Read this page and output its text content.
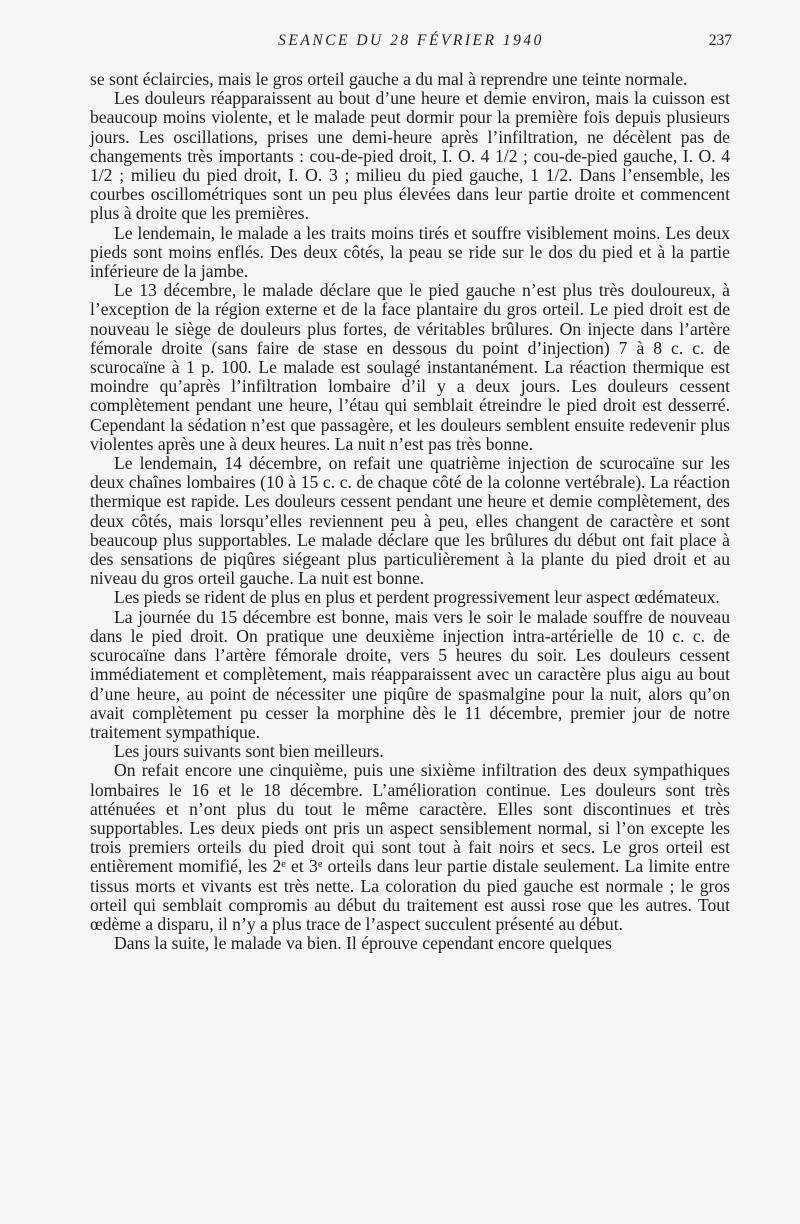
SEANCE DU 28 FÉVRIER 1940	237

se sont éclaircies, mais le gros orteil gauche a du mal à reprendre une teinte normale.

Les douleurs réapparaissent au bout d’une heure et demie environ, mais la cuisson est beaucoup moins violente, et le malade peut dormir pour la première fois depuis plusieurs jours. Les oscillations, prises une demi-heure après l’infiltration, ne décèlent pas de changements très importants : cou-de-pied droit, I. O. 4 1/2 ; cou-de-pied gauche, I. O. 4 1/2 ; milieu du pied droit, I. O. 3 ; milieu du pied gauche, 1 1/2. Dans l’ensemble, les courbes oscillométriques sont un peu plus élevées dans leur partie droite et commencent plus à droite que les premières.

Le lendemain, le malade a les traits moins tirés et souffre visiblement moins. Les deux pieds sont moins enflés. Des deux côtés, la peau se ride sur le dos du pied et à la partie inférieure de la jambe.

Le 13 décembre, le malade déclare que le pied gauche n’est plus très douloureux, à l’exception de la région externe et de la face plantaire du gros orteil. Le pied droit est de nouveau le siège de douleurs plus fortes, de véritables brûlures. On injecte dans l’artère fémorale droite (sans faire de stase en dessous du point d’injection) 7 à 8 c. c. de scurocaïne à 1 p. 100. Le malade est soulagé instantanément. La réaction thermique est moindre qu’après l’infiltration lombaire d’il y a deux jours. Les douleurs cessent complètement pendant une heure, l’étau qui semblait étreindre le pied droit est desserré. Cependant la sédation n’est que passagère, et les douleurs semblent ensuite redevenir plus violentes après une à deux heures. La nuit n’est pas très bonne.

Le lendemain, 14 décembre, on refait une quatrième injection de scurocaïne sur les deux chaînes lombaires (10 à 15 c. c. de chaque côté de la colonne vertébrale). La réaction thermique est rapide. Les douleurs cessent pendant une heure et demie complètement, des deux côtés, mais lorsqu’elles reviennent peu à peu, elles changent de caractère et sont beaucoup plus supportables. Le malade déclare que les brûlures du début ont fait place à des sensations de piqûres siégeant plus particulièrement à la plante du pied droit et au niveau du gros orteil gauche. La nuit est bonne.

Les pieds se rident de plus en plus et perdent progressivement leur aspect œdémateux.

La journée du 15 décembre est bonne, mais vers le soir le malade souffre de nouveau dans le pied droit. On pratique une deuxième injection intra-artérielle de 10 c. c. de scurocaïne dans l’artère fémorale droite, vers 5 heures du soir. Les douleurs cessent immédiatement et complètement, mais réapparaissent avec un caractère plus aigu au bout d’une heure, au point de nécessiter une piqûre de spasmalgine pour la nuit, alors qu’on avait complètement pu cesser la morphine dès le 11 décembre, premier jour de notre traitement sympathique.

Les jours suivants sont bien meilleurs.

On refait encore une cinquième, puis une sixième infiltration des deux sympathiques lombaires le 16 et le 18 décembre. L’amélioration continue. Les douleurs sont très atténuées et n’ont plus du tout le même caractère. Elles sont discontinues et très supportables. Les deux pieds ont pris un aspect sensiblement normal, si l’on excepte les trois premiers orteils du pied droit qui sont tout à fait noirs et secs. Le gros orteil est entièrement momifié, les 2ᵉ et 3ᵉ orteils dans leur partie distale seulement. La limite entre tissus morts et vivants est très nette. La coloration du pied gauche est normale ; le gros orteil qui semblait compromis au début du traitement est aussi rose que les autres. Tout œdème a disparu, il n’y a plus trace de l’aspect succulent présenté au début.

Dans la suite, le malade va bien. Il éprouve cependant encore quelques
